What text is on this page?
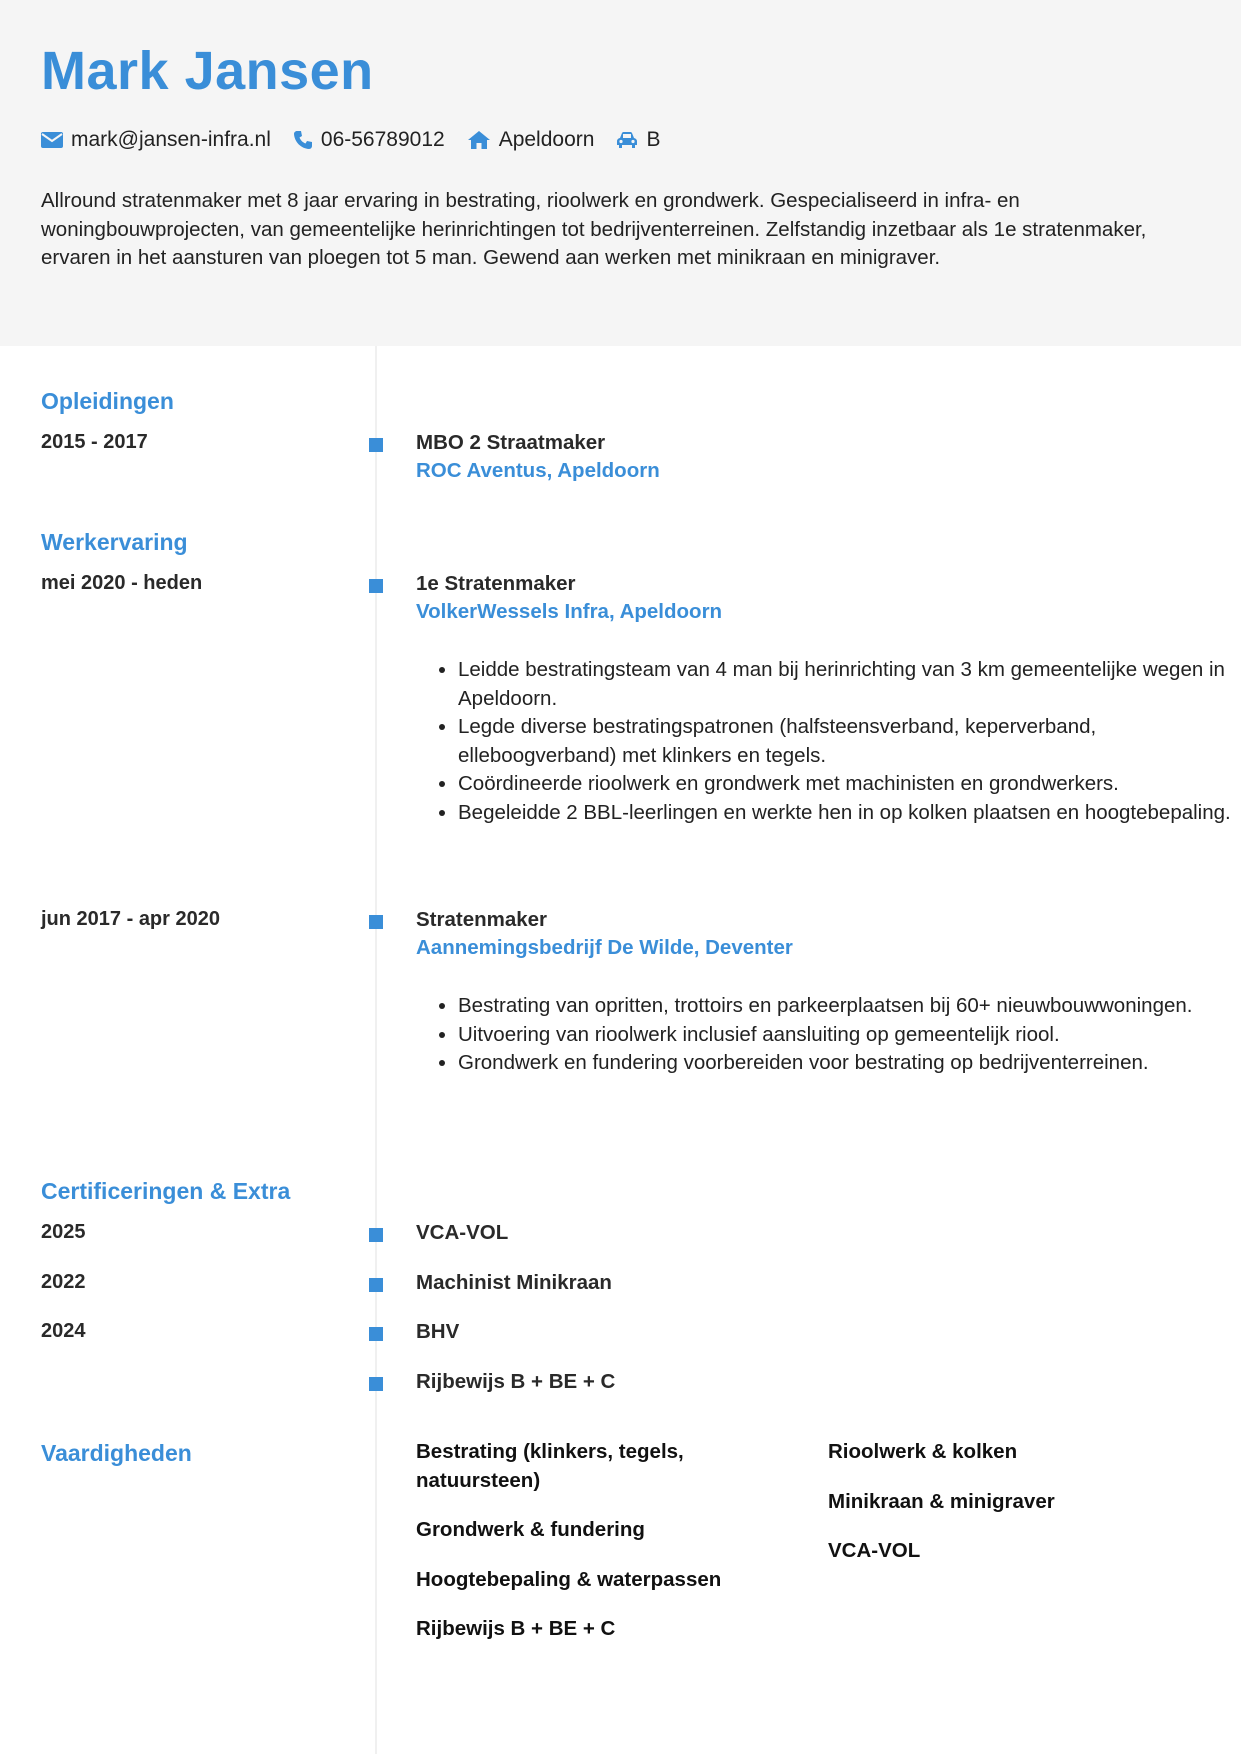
Mark Jansen
mark@jansen-infra.nl 06-56789012	Apeldoorn B

Allround stratenmaker met 8 jaar ervaring in bestrating, rioolwerk en grondwerk. Gespecialiseerd in infra- en woningbouwprojecten, van gemeentelijke herinrichtingen tot bedrijventerreinen. Zelfstandig inzetbaar als 1e stratenmaker, ervaren in het aansturen van ploegen tot 5 man. Gewend aan werken met minikraan en minigraver.

Opleidingen
2015 - 2017	MBO 2 Straatmaker
ROC Aventus, Apeldoorn
Werkervaring
mei 2020 - heden	1e Stratenmaker
VolkerWessels Infra, Apeldoorn
• Leidde bestratingsteam van 4 man bij herinrichting van 3 km gemeentelijke wegen in Apeldoorn.
• Legde diverse bestratingspatronen (halfsteensverband, keperverband, elleboogverband) met klinkers en tegels.
• Coördineerde rioolwerk en grondwerk met machinisten en grondwerkers.
• Begeleidde 2 BBL-leerlingen en werkte hen in op kolken plaatsen en hoogtebepaling.
jun 2017 - apr 2020	Stratenmaker
Aannemingsbedrijf De Wilde, Deventer
• Bestrating van opritten, trottoirs en parkeerplaatsen bij 60+ nieuwbouwwoningen.
• Uitvoering van rioolwerk inclusief aansluiting op gemeentelijk riool.
• Grondwerk en fundering voorbereiden voor bestrating op bedrijventerreinen.
Certificeringen & Extra
2025	VCA-VOL
2022	Machinist Minikraan
2024	BHV
Rijbewijs B + BE + C
Vaardigheden	Bestrating (klinkers, tegels, natuursteen)
Grondwerk & fundering
Hoogtebepaling & waterpassen
Rijbewijs B + BE + C
Rioolwerk & kolken
Minikraan & minigraver
VCA-VOL
